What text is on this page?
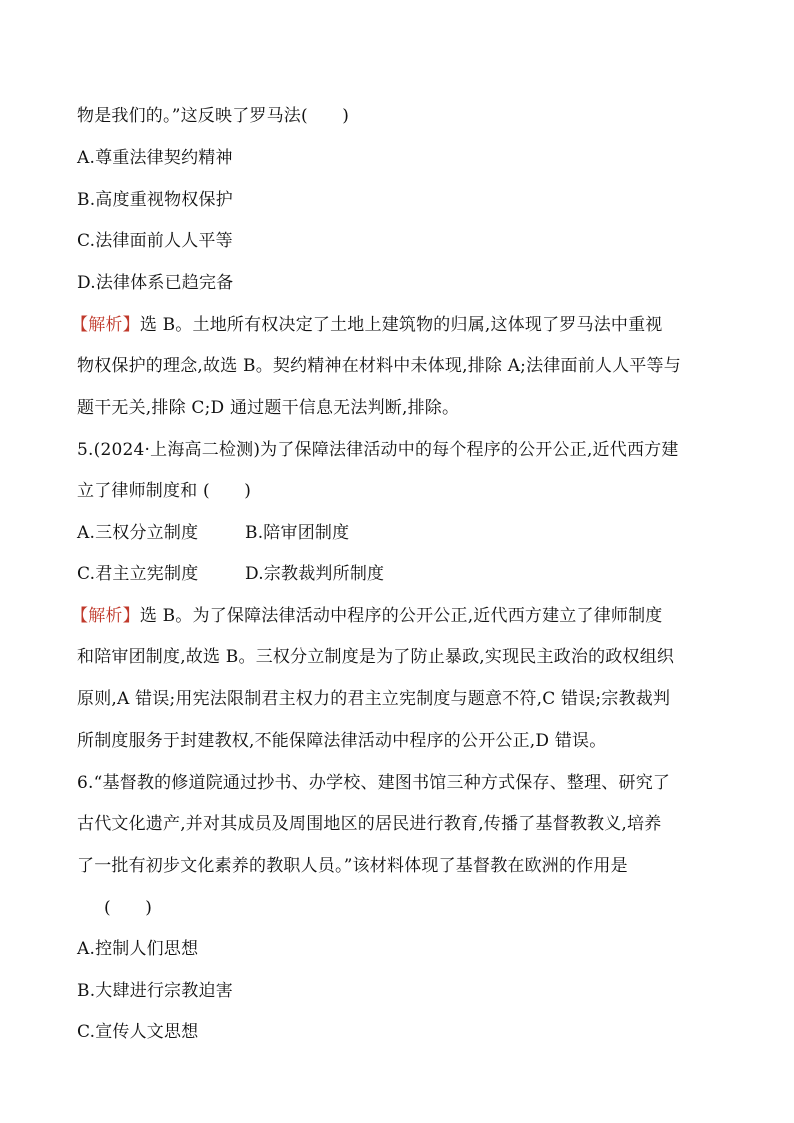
物是我们的。”这反映了罗马法(　　)
A.尊重法律契约精神
B.高度重视物权保护
C.法律面前人人平等
D.法律体系已趋完备
【解析】选 B。土地所有权决定了土地上建筑物的归属,这体现了罗马法中重视
物权保护的理念,故选 B。契约精神在材料中未体现,排除 A;法律面前人人平等与
题干无关,排除 C;D 通过题干信息无法判断,排除。
5.(2024·上海高二检测)为了保障法律活动中的每个程序的公开公正,近代西方建
立了律师制度和 (　　)
A.三权分立制度	B.陪审团制度
C.君主立宪制度	D.宗教裁判所制度
【解析】选 B。为了保障法律活动中程序的公开公正,近代西方建立了律师制度
和陪审团制度,故选 B。三权分立制度是为了防止暴政,实现民主政治的政权组织
原则,A 错误;用宪法限制君主权力的君主立宪制度与题意不符,C 错误;宗教裁判
所制度服务于封建教权,不能保障法律活动中程序的公开公正,D 错误。
6.“基督教的修道院通过抄书、办学校、建图书馆三种方式保存、整理、研究了
古代文化遗产,并对其成员及周围地区的居民进行教育,传播了基督教教义,培养
了一批有初步文化素养的教职人员。”该材料体现了基督教在欧洲的作用是
(　　)
A.控制人们思想
B.大肆进行宗教迫害
C.宣传人文思想
